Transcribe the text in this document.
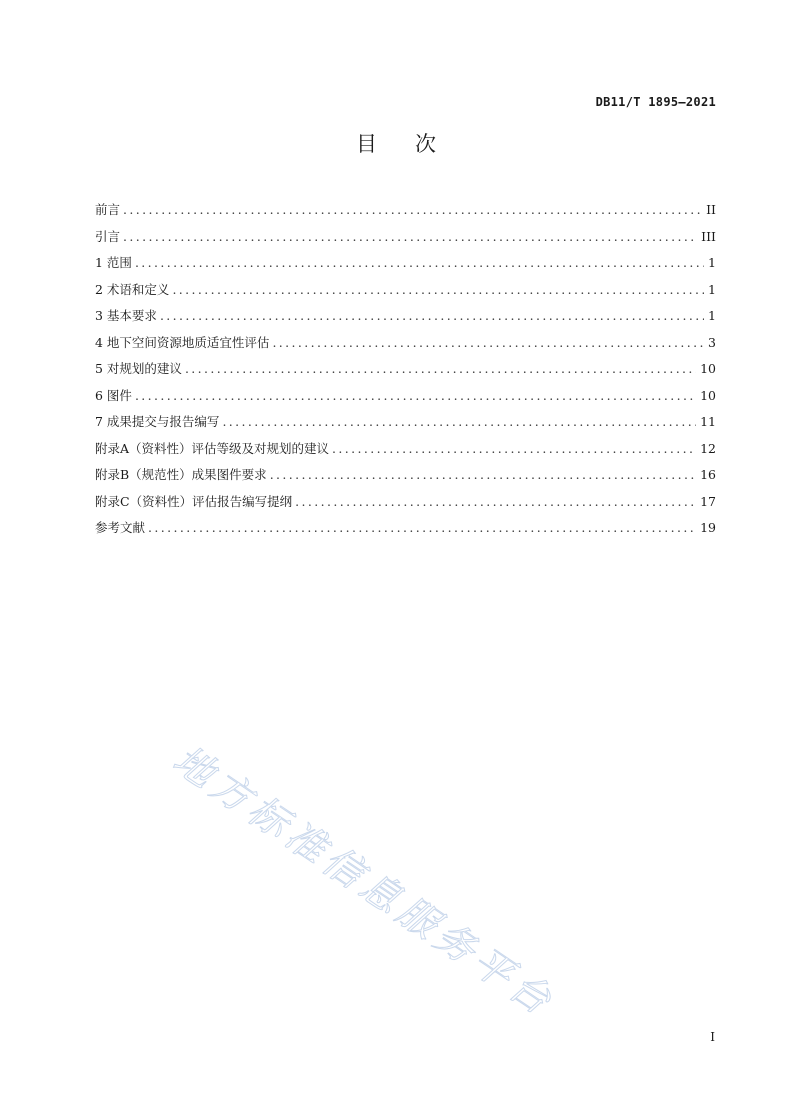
DB11/T 1895—2021
目 次
前言 .....	II
引言 .....	III
1 范围 .....	1
2 术语和定义 .....	1
3 基本要求 .....	1
4 地下空间资源地质适宜性评估 .....	3
5 对规划的建议 .....	10
6 图件 .....	10
7 成果提交与报告编写 .....	11
附录A（资料性）评估等级及对规划的建议 .....	12
附录B（规范性）成果图件要求 .....	16
附录C（资料性）评估报告编写提纲 .....	17
参考文献 .....	19
地方标准信息服务平台
I
